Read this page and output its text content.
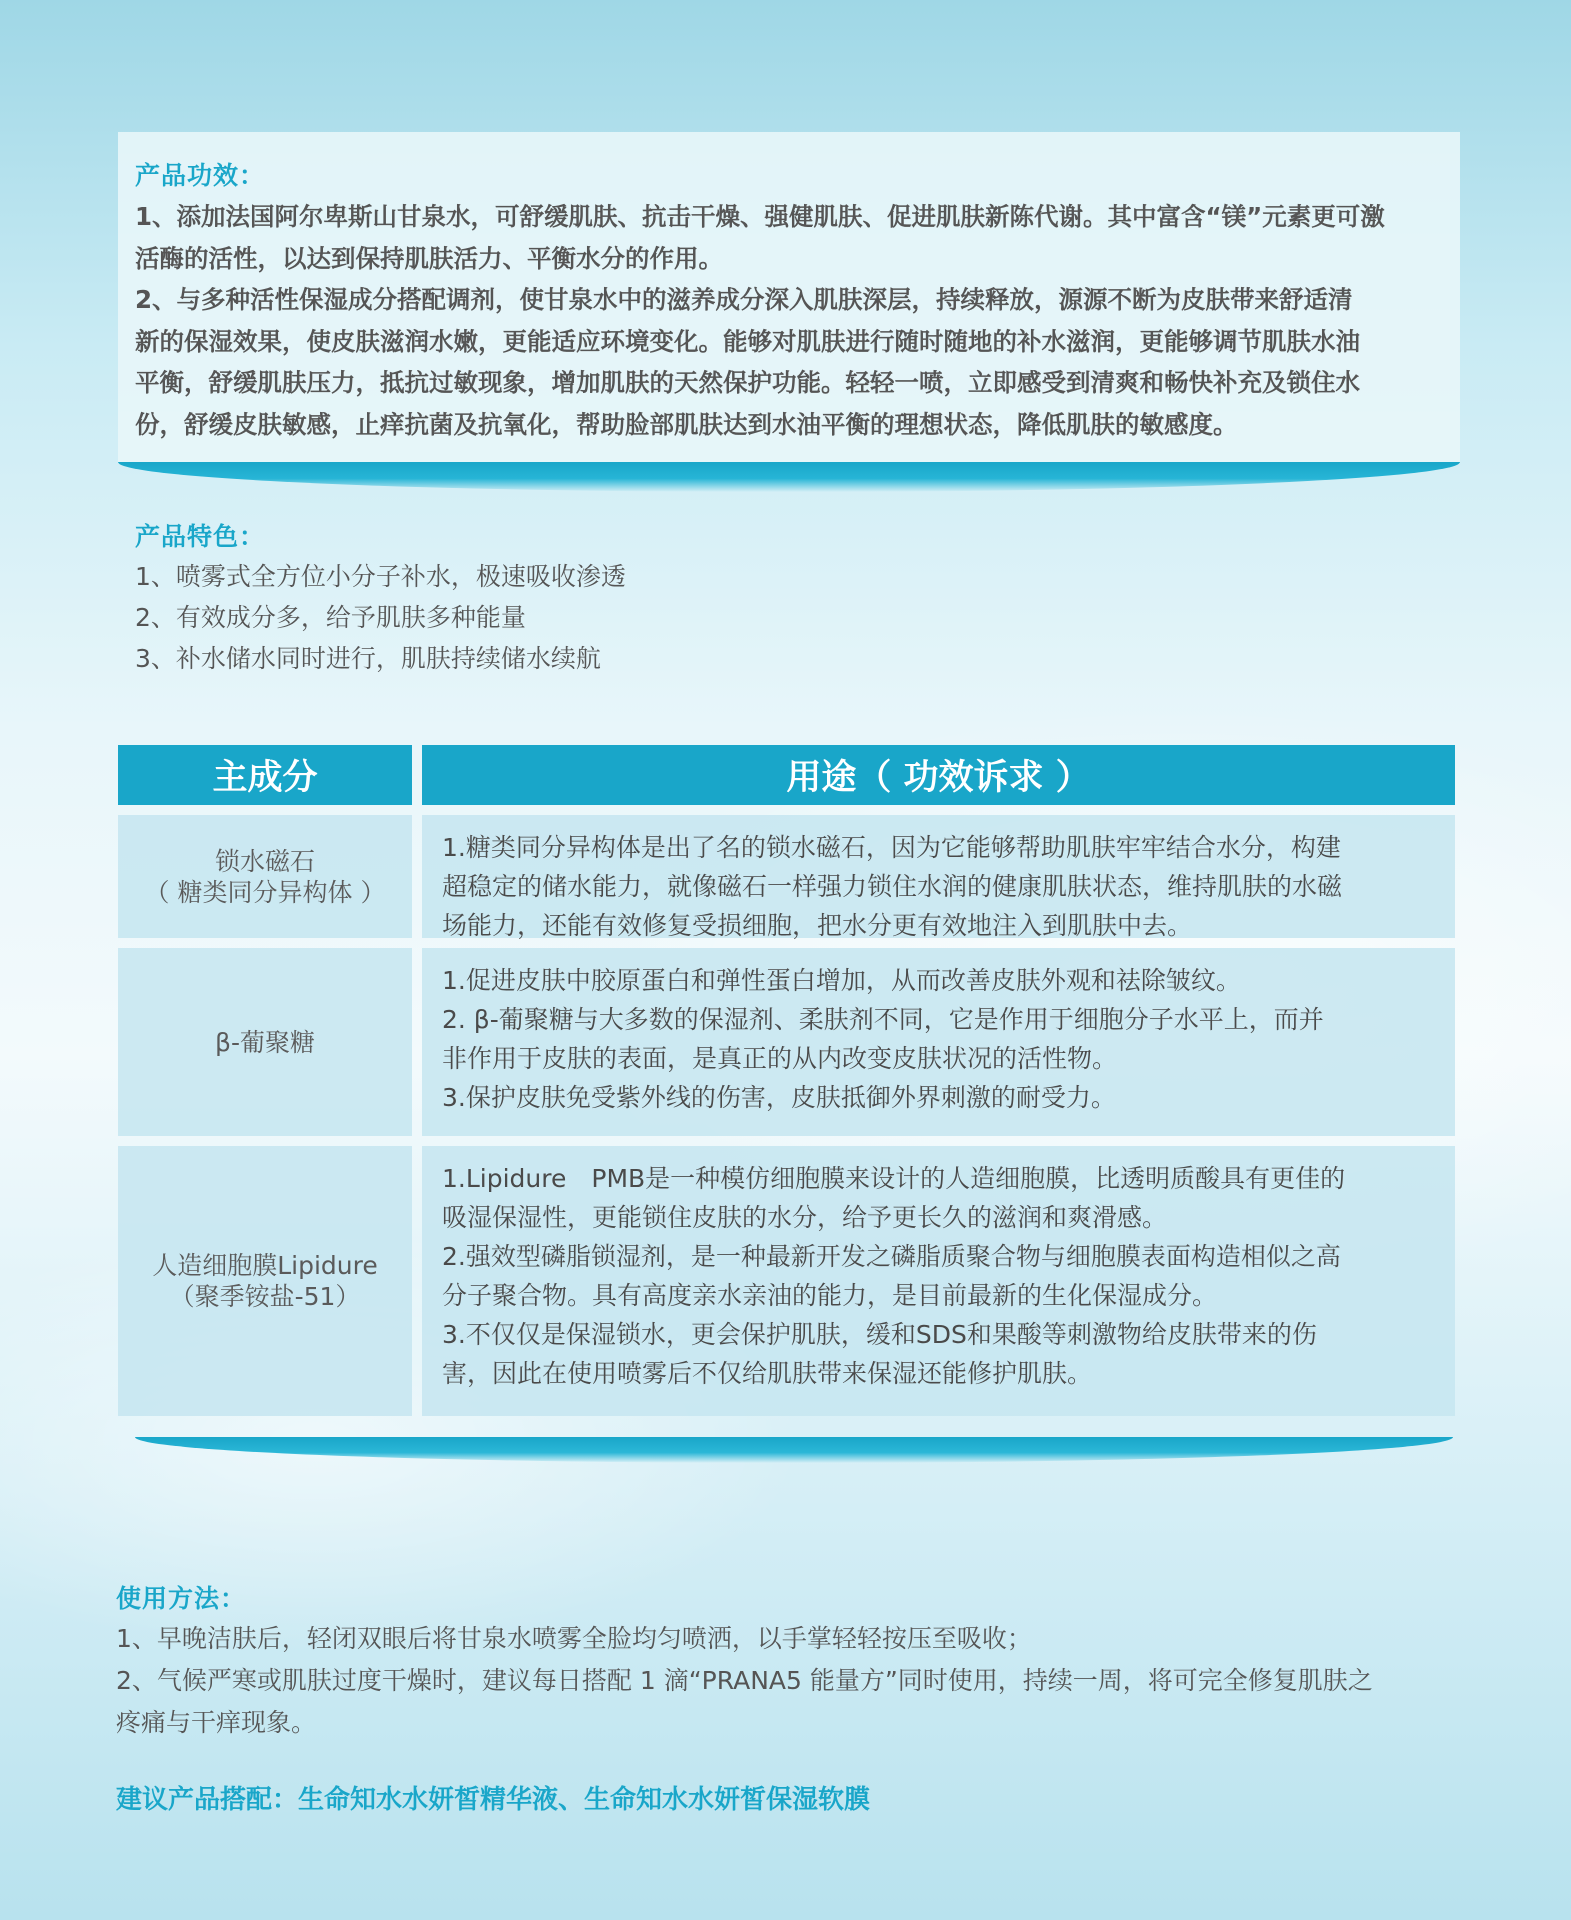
产品功效：

1、添加法国阿尔卑斯山甘泉水，可舒缓肌肤、抗击干燥、强健肌肤、促进肌肤新陈代谢。其中富含“镁”元素更可激

活酶的活性，以达到保持肌肤活力、平衡水分的作用。

2、与多种活性保湿成分搭配调剂，使甘泉水中的滋养成分深入肌肤深层，持续释放，源源不断为皮肤带来舒适清

新的保湿效果，使皮肤滋润水嫩，更能适应环境变化。能够对肌肤进行随时随地的补水滋润，更能够调节肌肤水油

平衡，舒缓肌肤压力，抵抗过敏现象，增加肌肤的天然保护功能。轻轻一喷，立即感受到清爽和畅快补充及锁住水

份，舒缓皮肤敏感，止痒抗菌及抗氧化，帮助脸部肌肤达到水油平衡的理想状态，降低肌肤的敏感度。

产品特色：
1、喷雾式全方位小分子补水，极速吸收渗透
2、有效成分多，给予肌肤多种能量
3、补水储水同时进行，肌肤持续储水续航
主成分	用途（ 功效诉求 ）
锁水磁石
（ 糖类同分异构体 ）
1.糖类同分异构体是出了名的锁水磁石，因为它能够帮助肌肤牢牢结合水分，构建
超稳定的储水能力，就像磁石一样强力锁住水润的健康肌肤状态，维持肌肤的水磁
场能力，还能有效修复受损细胞，把水分更有效地注入到肌肤中去。
β-葡聚糖
1.促进皮肤中胶原蛋白和弹性蛋白增加，从而改善皮肤外观和祛除皱纹。
2. β-葡聚糖与大多数的保湿剂、柔肤剂不同，它是作用于细胞分子水平上，而并
非作用于皮肤的表面，是真正的从内改变皮肤状况的活性物。
3.保护皮肤免受紫外线的伤害，皮肤抵御外界刺激的耐受力。
人造细胞膜Lipidure
（聚季铵盐-51）
1.Lipidure　PMB是一种模仿细胞膜来设计的人造细胞膜，比透明质酸具有更佳的
吸湿保湿性，更能锁住皮肤的水分，给予更长久的滋润和爽滑感。
2.强效型磷脂锁湿剂，是一种最新开发之磷脂质聚合物与细胞膜表面构造相似之高
分子聚合物。具有高度亲水亲油的能力，是目前最新的生化保湿成分。
3.不仅仅是保湿锁水，更会保护肌肤，缓和SDS和果酸等刺激物给皮肤带来的伤
害，因此在使用喷雾后不仅给肌肤带来保湿还能修护肌肤。
使用方法：

1、早晚洁肤后，轻闭双眼后将甘泉水喷雾全脸均匀喷洒，以手掌轻轻按压至吸收；

2、气候严寒或肌肤过度干燥时，建议每日搭配 1 滴“PRANA5 能量方”同时使用，持续一周，将可完全修复肌肤之

疼痛与干痒现象。

建议产品搭配：生命知水水妍皙精华液、生命知水水妍皙保湿软膜
